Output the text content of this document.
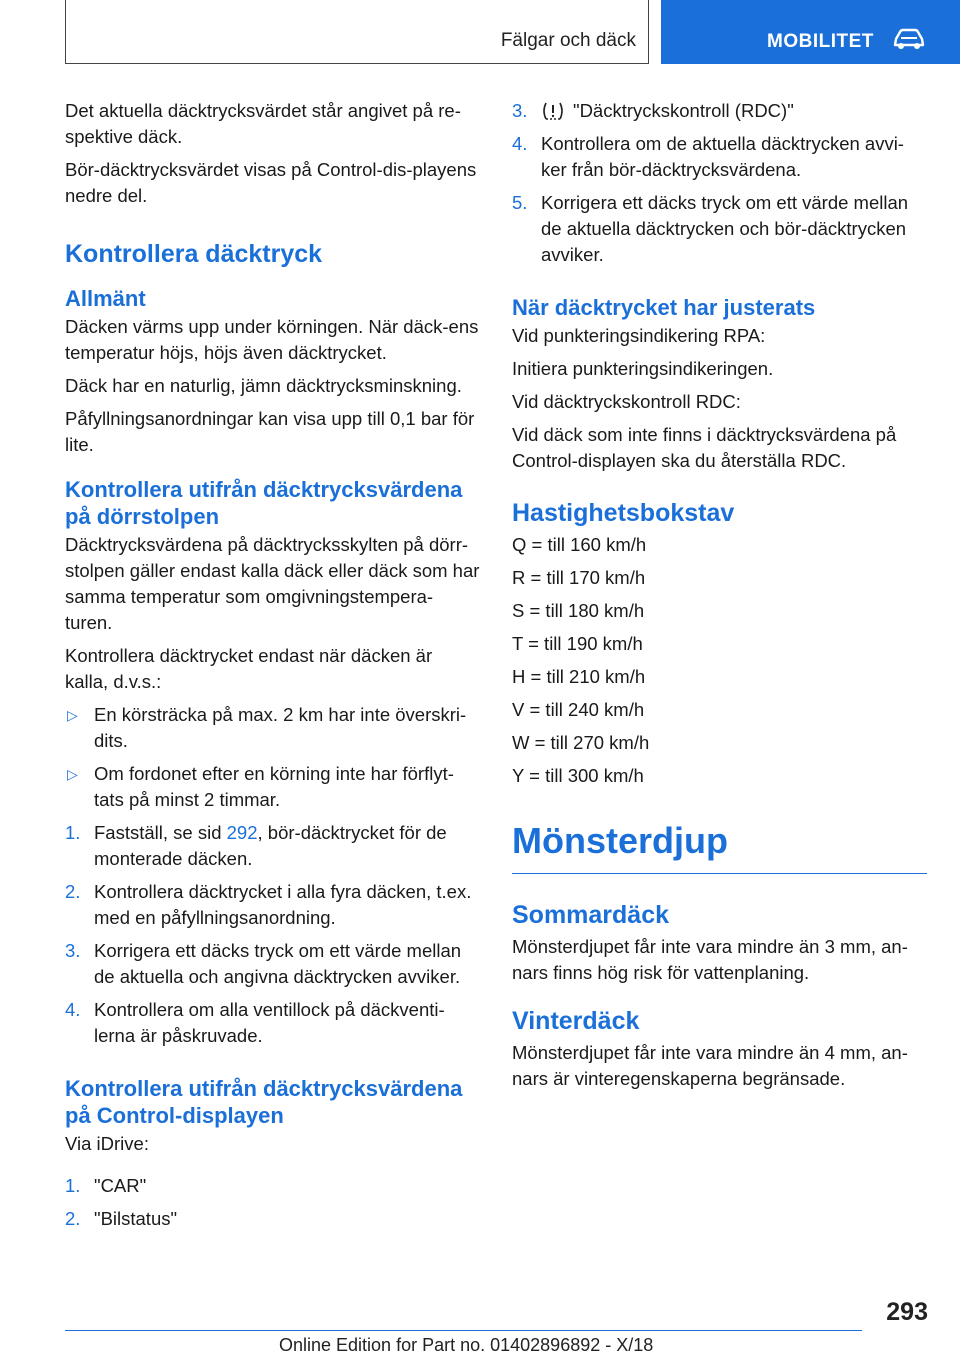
Fälgar och däck	MOBILITET

Det aktuella däcktrycksvärdet står angivet på re-spektive däck.

Bör-däcktrycksvärdet visas på Control-dis-playens nedre del.

Kontrollera däcktryck
Allmänt

Däcken värms upp under körningen. När däck-ens temperatur höjs, höjs även däcktrycket.

Däck har en naturlig, jämn däcktrycksminskning.

Påfyllningsanordningar kan visa upp till 0,1 bar för lite.

Kontrollera utifrån däcktrycksvärdena på dörrstolpen

Däcktrycksvärdena på däcktrycksskylten på dörr-stolpen gäller endast kalla däck eller däck som har samma temperatur som omgivningstempera-turen.

Kontrollera däcktrycket endast när däcken är kalla, d.v.s.:

▷ En körsträcka på max. 2 km har inte överskri-dits.
▷ Om fordonet efter en körning inte har förflyt-tats på minst 2 timmar.
1. Fastställ, se sid 292, bör-däcktrycket för de monterade däcken.
2. Kontrollera däcktrycket i alla fyra däcken, t.ex. med en påfyllningsanordning.
3. Korrigera ett däcks tryck om ett värde mellan de aktuella och angivna däcktrycken avviker.
4. Kontrollera om alla ventillock på däckventi-lerna är påskruvade.
Kontrollera utifrån däcktrycksvärdena på Control-displayen

Via iDrive:

1. "CAR"
2. "Bilstatus"
3. "Däcktryckskontroll (RDC)"
4. Kontrollera om de aktuella däcktrycken avvi-ker från bör-däcktrycksvärdena.
5. Korrigera ett däcks tryck om ett värde mellan de aktuella däcktrycken och bör-däcktrycken avviker.
När däcktrycket har justerats

Vid punkteringsindikering RPA:

Initiera punkteringsindikeringen.

Vid däcktryckskontroll RDC:

Vid däck som inte finns i däcktrycksvärdena på Control-displayen ska du återställa RDC.

Hastighetsbokstav

Q = till 160 km/h

R = till 170 km/h

S = till 180 km/h

T = till 190 km/h

H = till 210 km/h

V = till 240 km/h

W = till 270 km/h

Y = till 300 km/h

Mönsterdjup
Sommardäck

Mönsterdjupet får inte vara mindre än 3 mm, an-nars finns hög risk för vattenplaning.

Vinterdäck

Mönsterdjupet får inte vara mindre än 4 mm, an-nars är vinteregenskaperna begränsade.

293
Online Edition for Part no. 01402896892 - X/18
